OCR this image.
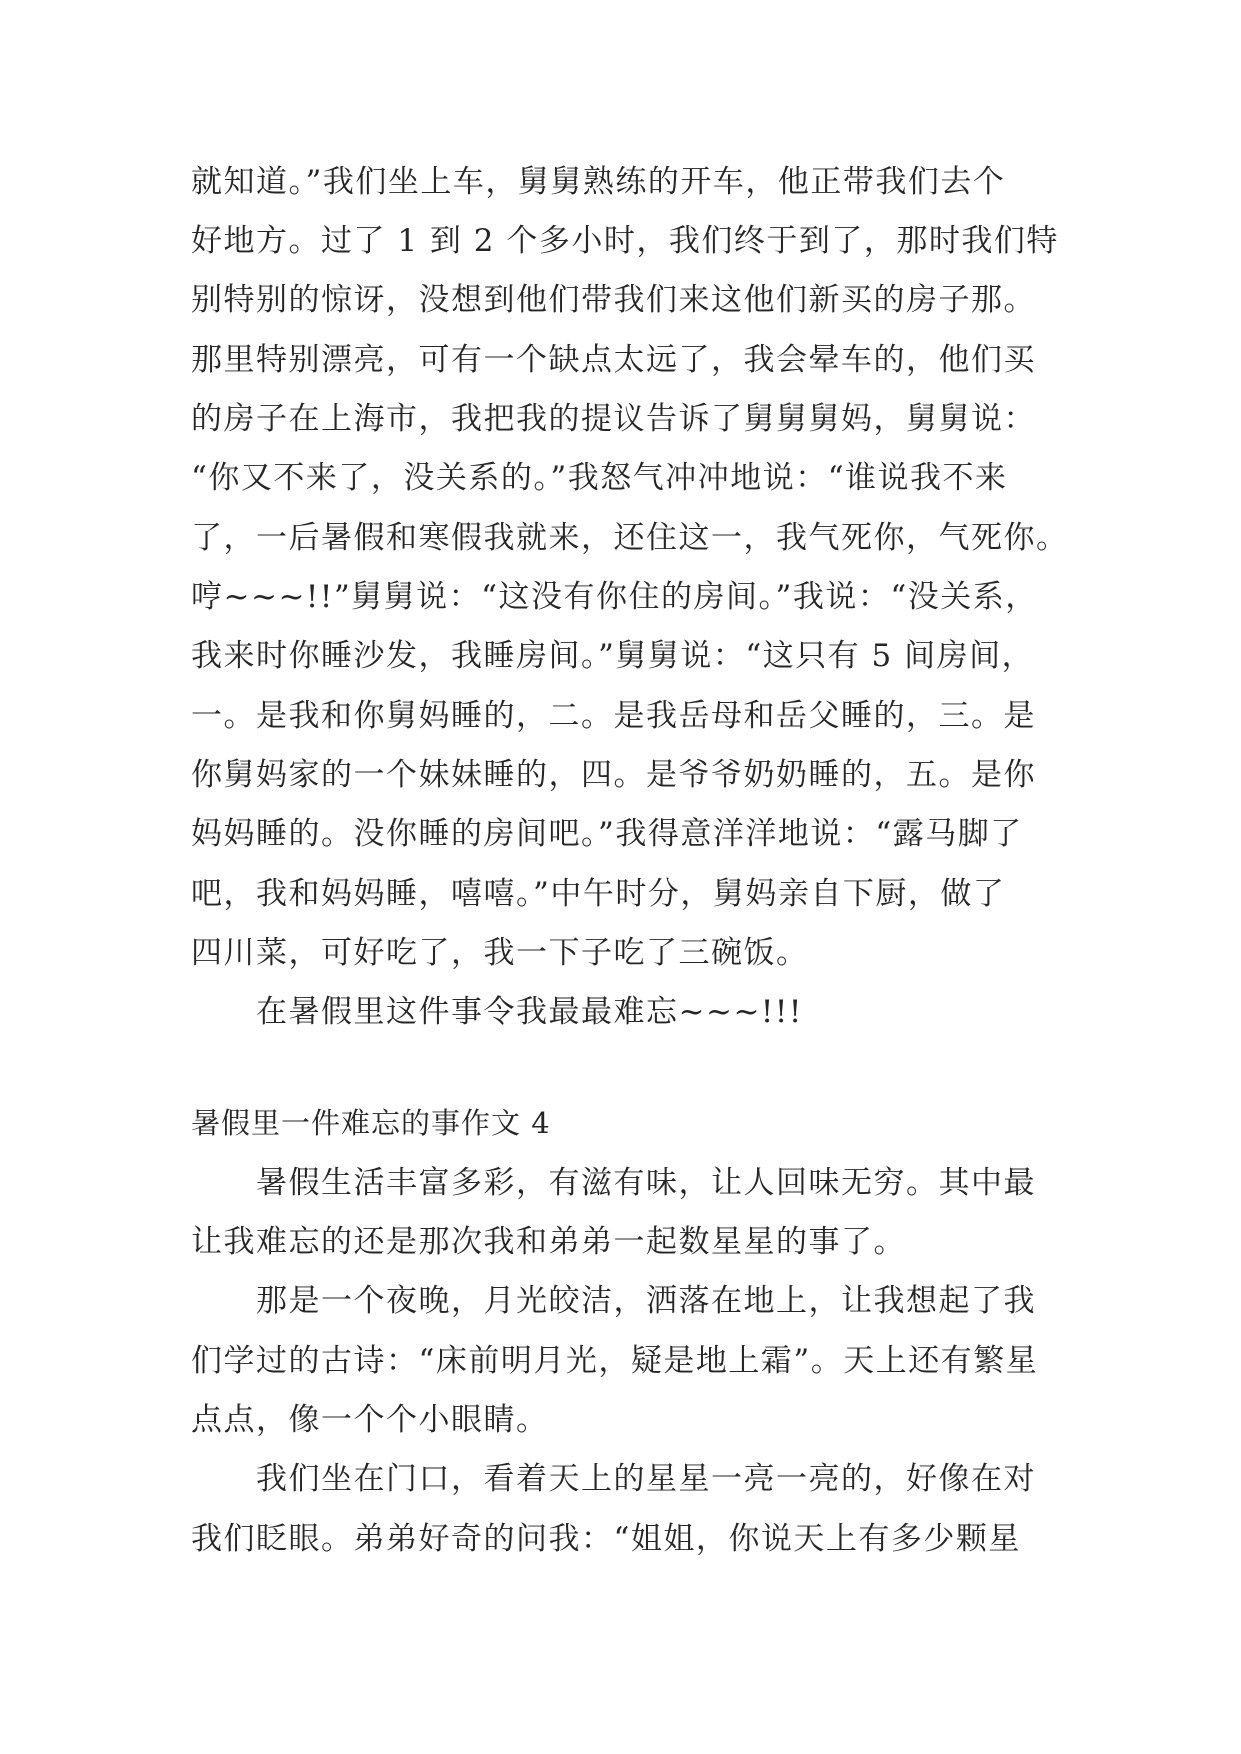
就知道。”我们坐上车，舅舅熟练的开车，他正带我们去个
好地方。过了 1 到 2 个多小时，我们终于到了，那时我们特
别特别的惊讶，没想到他们带我们来这他们新买的房子那。
那里特别漂亮，可有一个缺点太远了，我会晕车的，他们买
的房子在上海市，我把我的提议告诉了舅舅舅妈，舅舅说：
“你又不来了，没关系的。”我怒气冲冲地说：“谁说我不来
了，一后暑假和寒假我就来，还住这一，我气死你，气死你。
哼~~~!!”舅舅说：“这没有你住的房间。”我说：“没关系，
我来时你睡沙发，我睡房间。”舅舅说：“这只有 5 间房间，
一。是我和你舅妈睡的，二。是我岳母和岳父睡的，三。是
你舅妈家的一个妹妹睡的，四。是爷爷奶奶睡的，五。是你
妈妈睡的。没你睡的房间吧。”我得意洋洋地说：“露马脚了
吧，我和妈妈睡，嘻嘻。”中午时分，舅妈亲自下厨，做了
四川菜，可好吃了，我一下子吃了三碗饭。
在暑假里这件事令我最最难忘~~~!!!
暑假里一件难忘的事作文 4
暑假生活丰富多彩，有滋有味，让人回味无穷。其中最
让我难忘的还是那次我和弟弟一起数星星的事了。
那是一个夜晚，月光皎洁，洒落在地上，让我想起了我
们学过的古诗：“床前明月光，疑是地上霜”。天上还有繁星
点点，像一个个小眼睛。
我们坐在门口，看着天上的星星一亮一亮的，好像在对
我们眨眼。弟弟好奇的问我：“姐姐，你说天上有多少颗星
